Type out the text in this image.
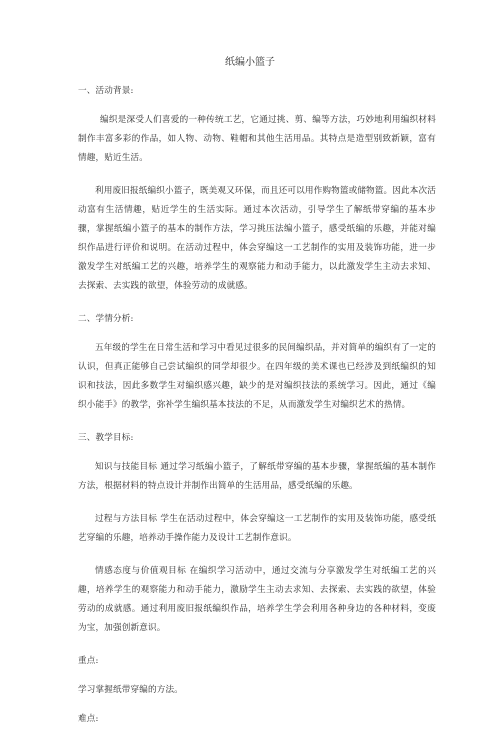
纸编小篮子

一、活动背景:

编织是深受人们喜爱的一种传统工艺，它通过挑、剪、编等方法，巧妙地利用编织材料制作丰富多彩的作品，如人物、动物、鞋帽和其他生活用品。其特点是造型别致新颖，富有情趣，贴近生活。

利用废旧报纸编织小篮子，既美观又环保，而且还可以用作购物篮或储物篮。因此本次活动富有生活情趣，贴近学生的生活实际。通过本次活动，引导学生了解纸带穿编的基本步骤，掌握纸编小篮子的基本的制作方法，学习挑压法编小篮子，感受纸编的乐趣，并能对编织作品进行评价和说明。在活动过程中，体会穿编这一工艺制作的实用及装饰功能，进一步激发学生对纸编工艺的兴趣，培养学生的观察能力和动手能力，以此激发学生主动去求知、去探索、去实践的欲望，体验劳动的成就感。

二、学情分析:

五年级的学生在日常生活和学习中看见过很多的民间编织品，并对简单的编织有了一定的认识，但真正能够自己尝试编织的同学却很少。在四年级的美术课也已经涉及到纸编织的知识和技法，因此多数学生对编织感兴趣，缺少的是对编织技法的系统学习。因此，通过《编织小能手》的教学，弥补学生编织基本技法的不足，从而激发学生对编织艺术的热情。

三、教学目标:

知识与技能目标 通过学习纸编小篮子，了解纸带穿编的基本步骤，掌握纸编的基本制作方法，根据材料的特点设计并制作出简单的生活用品，感受纸编的乐趣。

过程与方法目标 学生在活动过程中，体会穿编这一工艺制作的实用及装饰功能，感受纸艺穿编的乐趣，培养动手操作能力及设计工艺制作意识。

情感态度与价值观目标 在编织学习活动中，通过交流与分享激发学生对纸编工艺的兴趣，培养学生的观察能力和动手能力，激励学生主动去求知、去探索、去实践的欲望，体验劳动的成就感。通过利用废旧报纸编织作品，培养学生学会利用各种身边的各种材料，变废为宝，加强创新意识。

重点:

学习掌握纸带穿编的方法。

难点:
